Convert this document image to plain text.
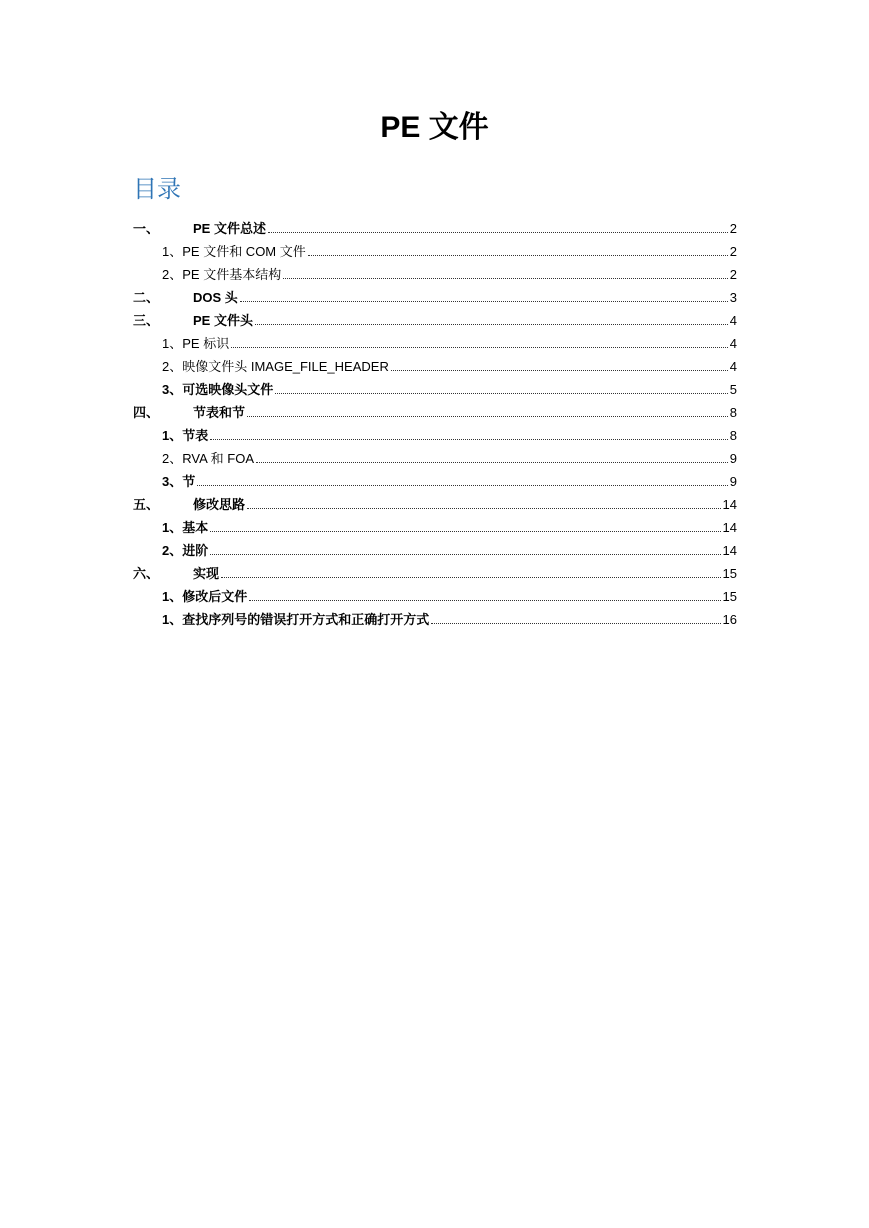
PE 文件
目录
一、	PE 文件总述	2
1、 PE 文件和 COM 文件	2
2、 PE 文件基本结构	2
二、	DOS 头	3
三、	PE 文件头	4
1、 PE 标识	4
2、 映像文件头 IMAGE_FILE_HEADER	4
3、 可选映像头文件	5
四、	节表和节	8
1、 节表	8
2、 RVA 和 FOA	9
3、 节	9
五、	修改思路	14
1、 基本	14
2、 进阶	14
六、	实现	15
1、 修改后文件	15
1、 查找序列号的错误打开方式和正确打开方式	16
